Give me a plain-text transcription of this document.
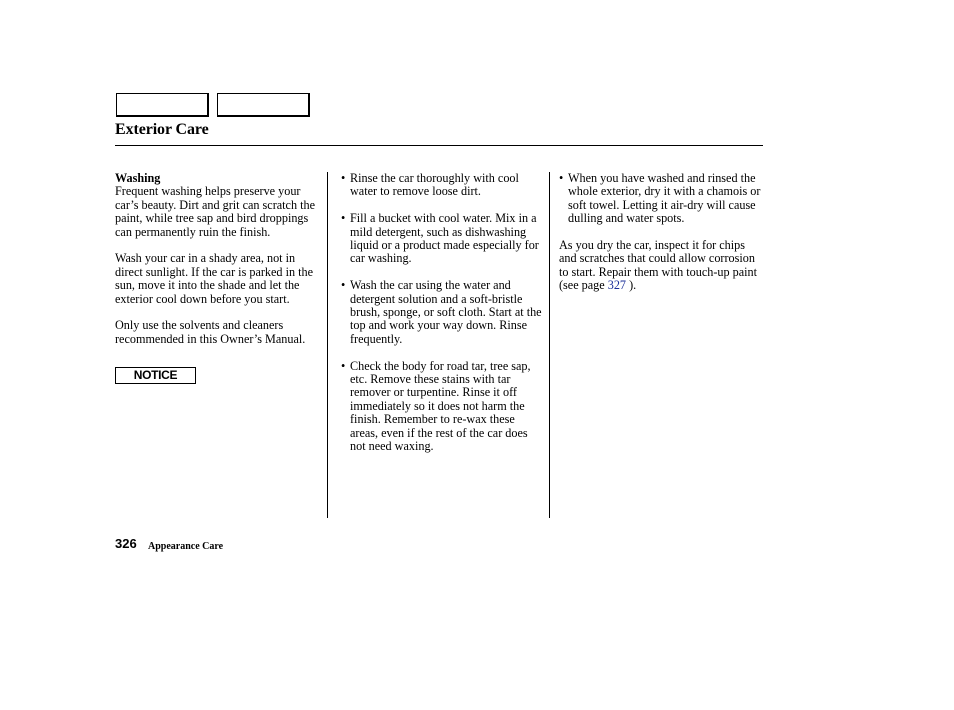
Exterior Care
Washing

Frequent washing helps preserve your car’s beauty. Dirt and grit can scratch the paint, while tree sap and bird droppings can permanently ruin the finish.

Wash your car in a shady area, not in direct sunlight. If the car is parked in the sun, move it into the shade and let the exterior cool down before you start.

Only use the solvents and cleaners recommended in this Owner’s Manual.

NOTICE
• Rinse the car thoroughly with cool water to remove loose dirt.
• Fill a bucket with cool water. Mix in a mild detergent, such as dishwashing liquid or a product made especially for car washing.
• Wash the car using the water and detergent solution and a soft-bristle brush, sponge, or soft cloth. Start at the top and work your way down. Rinse frequently.
• Check the body for road tar, tree sap, etc. Remove these stains with tar remover or turpentine. Rinse it off immediately so it does not harm the finish. Remember to re-wax these areas, even if the rest of the car does not need waxing.
• When you have washed and rinsed the whole exterior, dry it with a chamois or soft towel. Letting it air-dry will cause dulling and water spots.

As you dry the car, inspect it for chips and scratches that could allow corrosion to start. Repair them with touch-up paint (see page 327 ).

326 Appearance Care
